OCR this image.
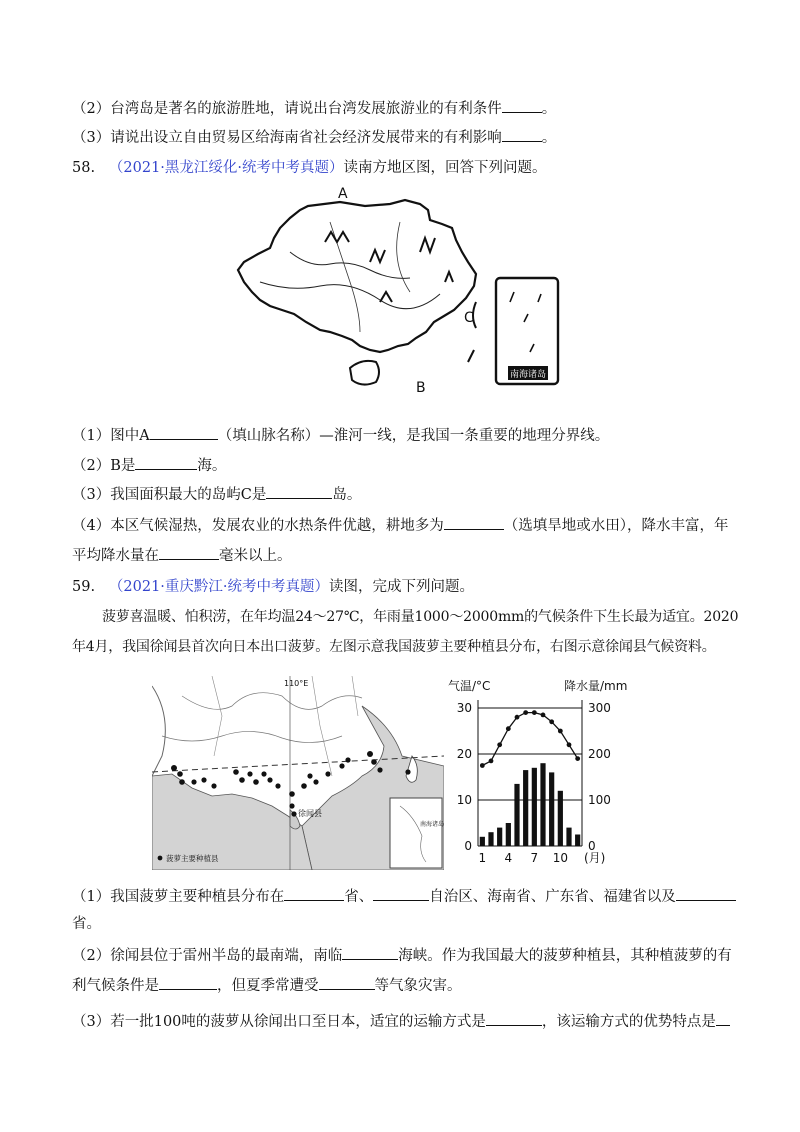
（2）台湾岛是著名的旅游胜地，请说出台湾发展旅游业的有利条件	。
（3）请说出设立自由贸易区给海南省社会经济发展带来的有利影响	。
58. （2021·黑龙江绥化·统考中考真题）读南方地区图，回答下列问题。
A
C
B
南海诸岛
（1）图中A	（填山脉名称）—淮河一线，是我国一条重要的地理分界线。
（2）B是	海。
（3）我国面积最大的岛屿C是	岛。
（4）本区气候湿热，发展农业的水热条件优越，耕地多为	（选填旱地或水田），降水丰富，年
平均降水量在	毫米以上。
59. （2021·重庆黔江·统考中考真题）读图，完成下列问题。
菠萝喜温暖、怕积涝，在年均温24～27℃，年雨量1000～2000mm的气候条件下生长最为适宜。2020
年4月，我国徐闻县首次向日本出口菠萝。左图示意我国菠萝主要种植县分布，右图示意徐闻县气候资料。
110°E
南海诸岛
徐闻县
菠萝主要种植县
气温/°C	降水量/mm
0
10
20
30
0
100
200
300
1 4 7 10 (月)
（1）我国菠萝主要种植县分布在	省、	自治区、海南省、广东省、福建省以及
省。
（2）徐闻县位于雷州半岛的最南端，南临	海峡。作为我国最大的菠萝种植县，其种植菠萝的有
利气候条件是	，但夏季常遭受	等气象灾害。
（3）若一批100吨的菠萝从徐闻出口至日本，适宜的运输方式是	，该运输方式的优势特点是
